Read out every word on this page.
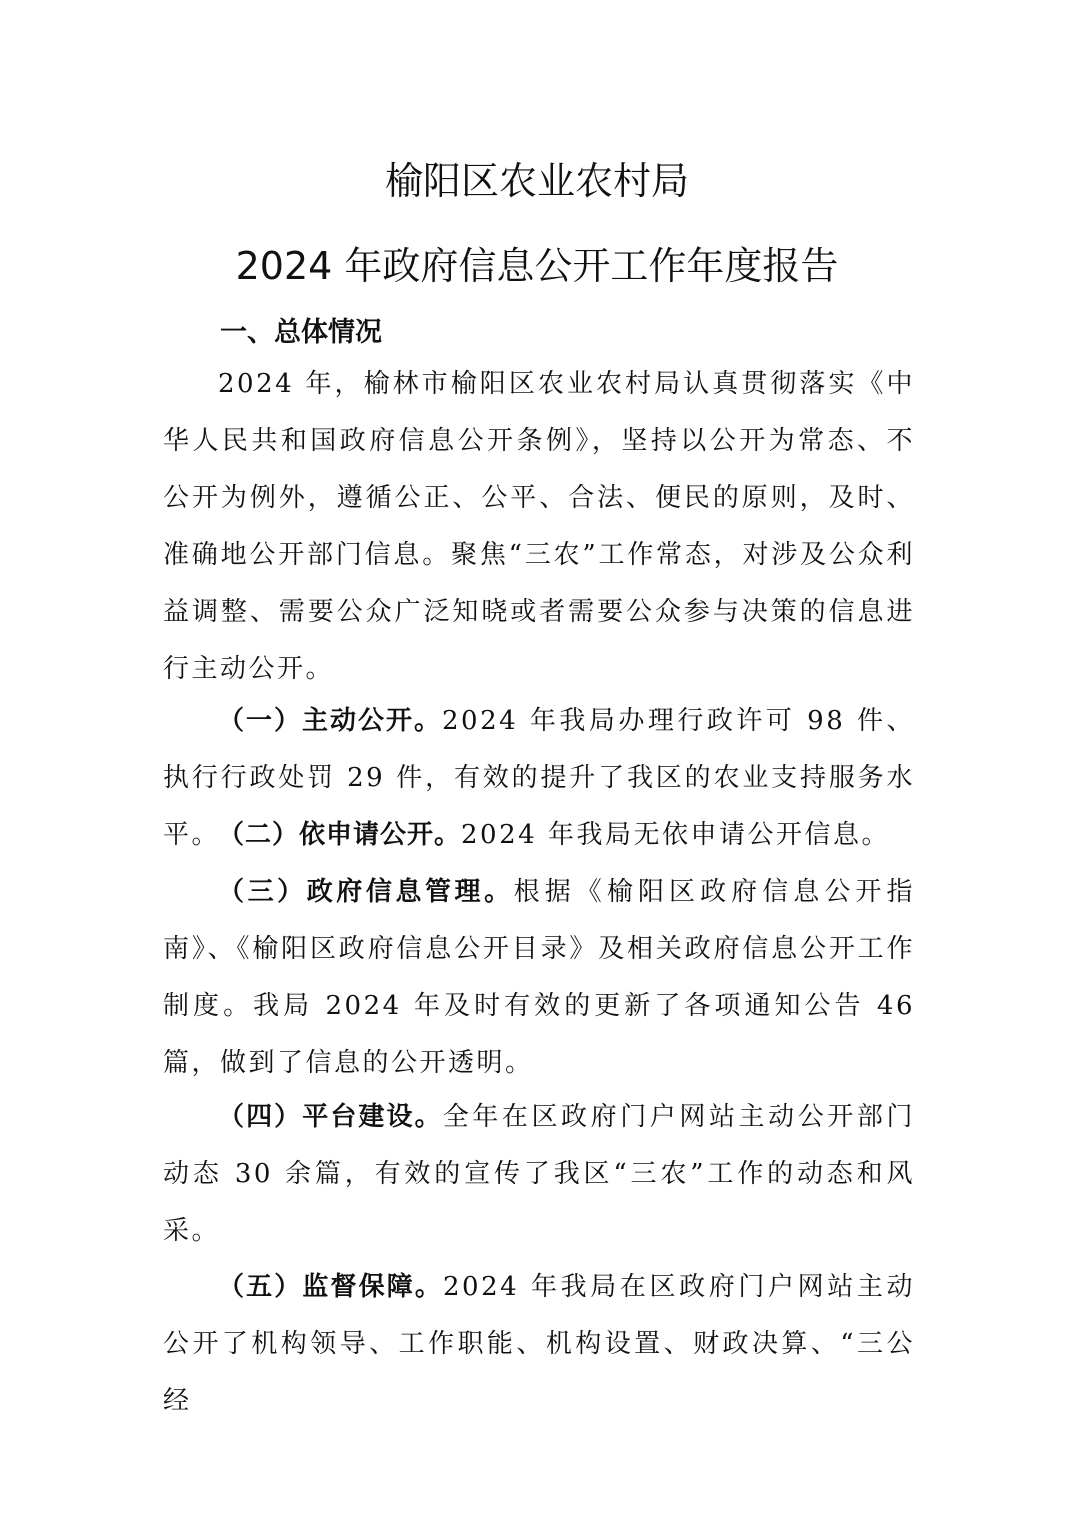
榆阳区农业农村局
2024 年政府信息公开工作年度报告
一、总体情况

2024 年，榆林市榆阳区农业农村局认真贯彻落实《中华人民共和国政府信息公开条例》，坚持以公开为常态、不公开为例外，遵循公正、公平、合法、便民的原则，及时、准确地公开部门信息。聚焦“三农”工作常态，对涉及公众利益调整、需要公众广泛知晓或者需要公众参与决策的信息进行主动公开。

（一）主动公开。2024 年我局办理行政许可 98 件、执行行政处罚 29 件，有效的提升了我区的农业支持服务水平。

（二）依申请公开。2024 年我局无依申请公开信息。

（三）政府信息管理。根据《榆阳区政府信息公开指南》、《榆阳区政府信息公开目录》及相关政府信息公开工作制度。我局 2024 年及时有效的更新了各项通知公告 46 篇，做到了信息的公开透明。

（四）平台建设。全年在区政府门户网站主动公开部门动态 30 余篇，有效的宣传了我区“三农”工作的动态和风采。

（五）监督保障。2024 年我局在区政府门户网站主动公开了机构领导、工作职能、机构设置、财政决算、“三公经
